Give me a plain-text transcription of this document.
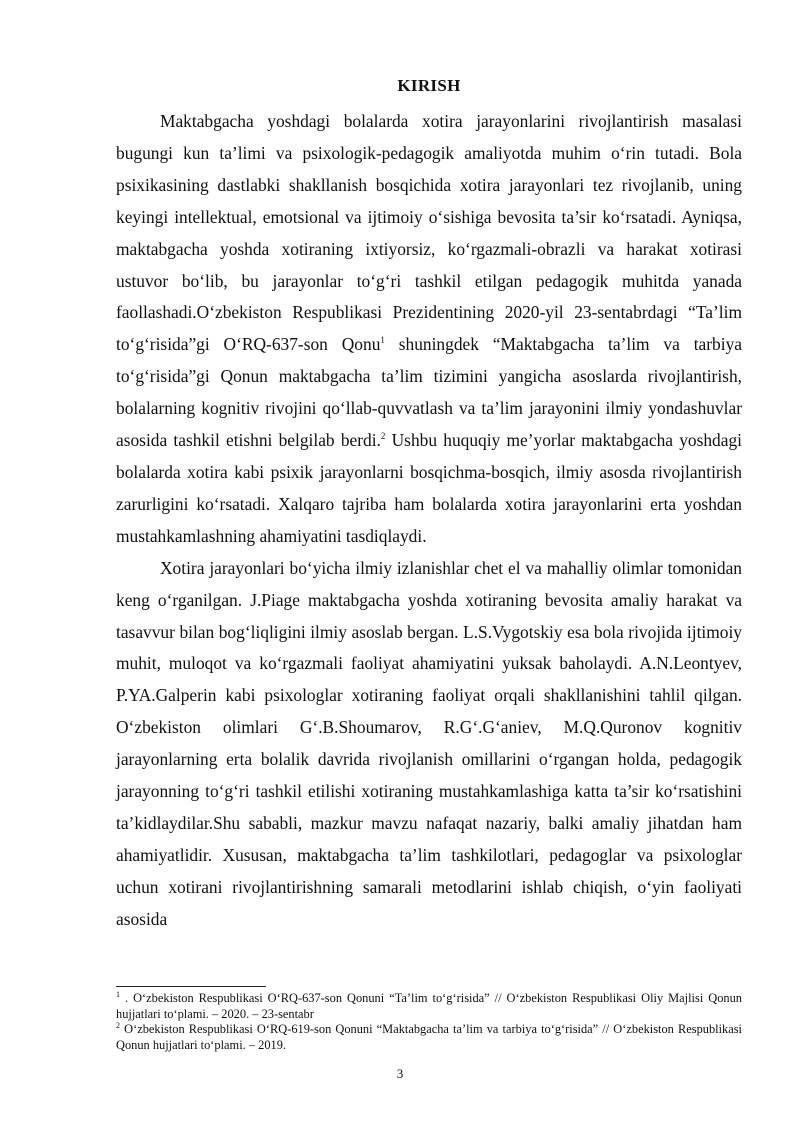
KIRISH

Maktabgacha yoshdagi bolalarda xotira jarayonlarini rivojlantirish masalasi bugungi kun ta’limi va psixologik-pedagogik amaliyotda muhim o‘rin tutadi. Bola psixikasining dastlabki shakllanish bosqichida xotira jarayonlari tez rivojlanib, uning keyingi intellektual, emotsional va ijtimoiy o‘sishiga bevosita ta’sir ko‘rsatadi. Ayniqsa, maktabgacha yoshda xotiraning ixtiyorsiz, ko‘rgazmali-obrazli va harakat xotirasi ustuvor bo‘lib, bu jarayonlar to‘g‘ri tashkil etilgan pedagogik muhitda yanada faollashadi.O‘zbekiston Respublikasi Prezidentining 2020-yil 23-sentabrdagi “Ta’lim to‘g‘risida”gi O‘RQ-637-son Qonu$^1$ shuningdek “Maktabgacha ta’lim va tarbiya to‘g‘risida”gi Qonun maktabgacha ta’lim tizimini yangicha asoslarda rivojlantirish, bolalarning kognitiv rivojini qo‘llab-quvvatlash va ta’lim jarayonini ilmiy yondashuvlar asosida tashkil etishni belgilab berdi.$^2$ Ushbu huquqiy me’yorlar maktabgacha yoshdagi bolalarda xotira kabi psixik jarayonlarni bosqichma-bosqich, ilmiy asosda rivojlantirish zarurligini ko‘rsatadi. Xalqaro tajriba ham bolalarda xotira jarayonlarini erta yoshdan mustahkamlashning ahamiyatini tasdiqlaydi.

Xotira jarayonlari bo‘yicha ilmiy izlanishlar chet el va mahalliy olimlar tomonidan keng o‘rganilgan. J.Piage maktabgacha yoshda xotiraning bevosita amaliy harakat va tasavvur bilan bog‘liqligini ilmiy asoslab bergan. L.S.Vygotskiy esa bola rivojida ijtimoiy muhit, muloqot va ko‘rgazmali faoliyat ahamiyatini yuksak baholaydi. A.N.Leontyev, P.YA.Galperin kabi psixologlar xotiraning faoliyat orqali shakllanishini tahlil qilgan. O‘zbekiston olimlari G‘.B.Shoumarov, R.G‘.G‘aniev, M.Q.Quronov kognitiv jarayonlarning erta bolalik davrida rivojlanish omillarini o‘rgangan holda, pedagogik jarayonning to‘g‘ri tashkil etilishi xotiraning mustahkamlashiga katta ta’sir ko‘rsatishini ta’kidlaydilar.Shu sababli, mazkur mavzu nafaqat nazariy, balki amaliy jihatdan ham ahamiyatlidir. Xususan, maktabgacha ta’lim tashkilotlari, pedagoglar va psixologlar uchun xotirani rivojlantirishning samarali metodlarini ishlab chiqish, o‘yin faoliyati asosida

$^1$ . O‘zbekiston Respublikasi O‘RQ-637-son Qonuni “Ta’lim to‘g‘risida” // O‘zbekiston Respublikasi Oliy Majlisi Qonun hujjatlari to‘plami. – 2020. – 23-sentabr

$^2$ O‘zbekiston Respublikasi O‘RQ-619-son Qonuni “Maktabgacha ta’lim va tarbiya to‘g‘risida” // O‘zbekiston Respublikasi Qonun hujjatlari to‘plami. – 2019.

3
